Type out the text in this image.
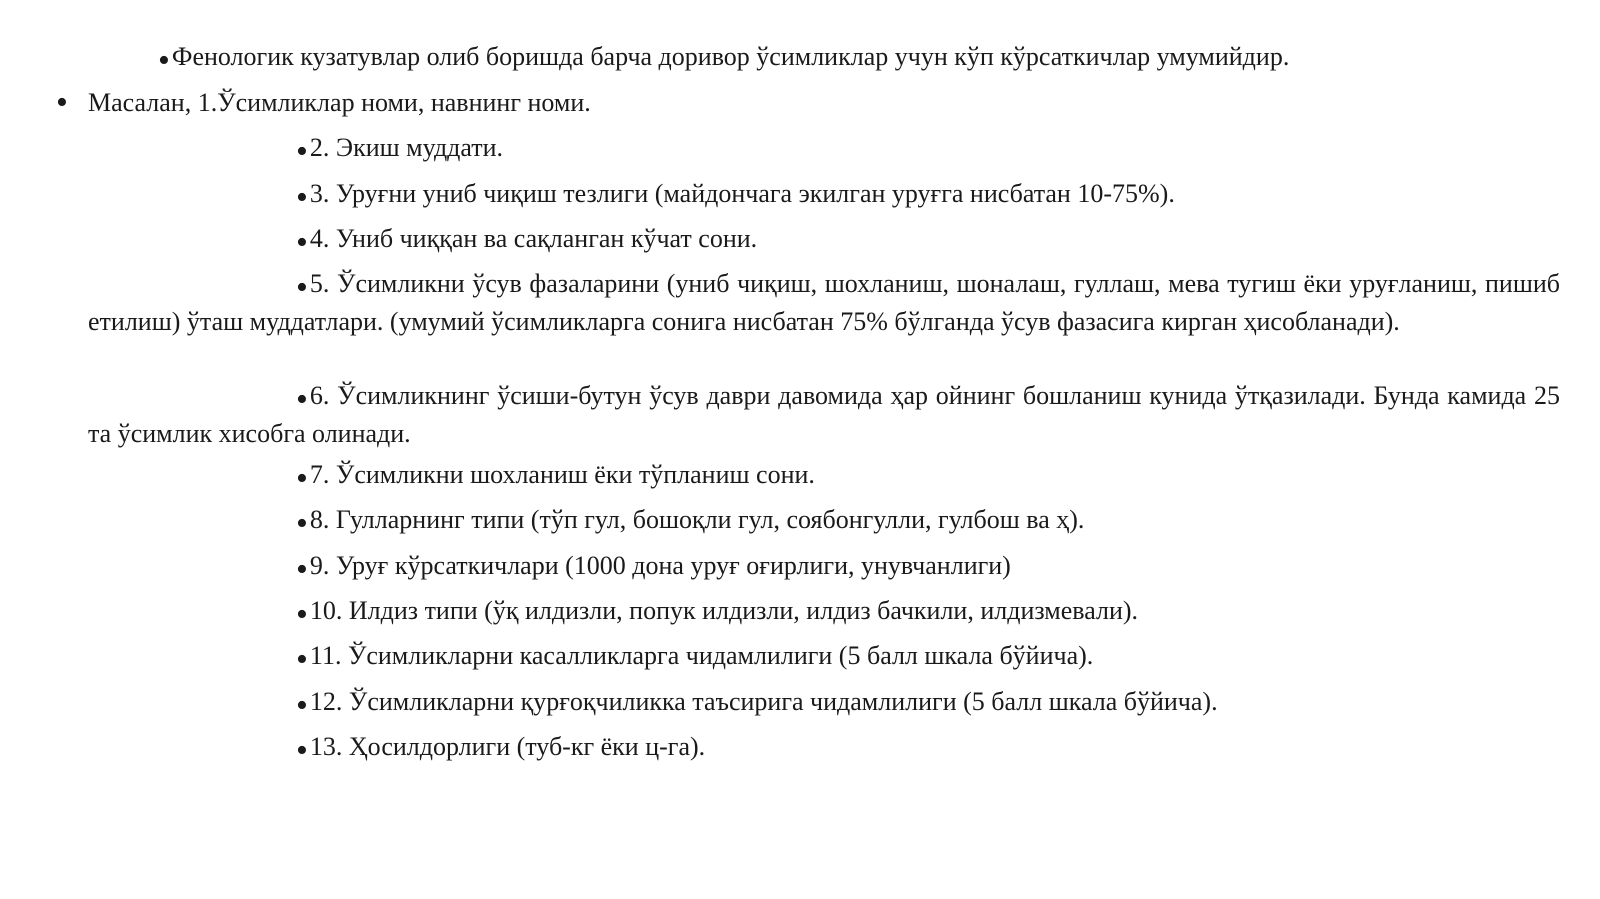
•Фенологик кузатувлар олиб боришда барча доривор ўсимликлар учун кўп кўрсаткичлар умумийдир.

• Масалан, 1.Ўсимликлар номи, навнинг номи.

•2. Экиш муддати.

•3. Уруғни униб чиқиш тезлиги (майдончага экилган уруғга нисбатан 10-75%).

•4. Униб чиққан ва сақланган кўчат сони.

•5. Ўсимликни ўсув фазаларини (униб чиқиш, шохланиш, шоналаш, гуллаш, мева тугиш ёки уруғланиш, пишиб етилиш) ўташ муддатлари. (умумий ўсимликларга сонига нисбатан 75% бўлганда ўсув фазасига кирган ҳисобланади).

•6. Ўсимликнинг ўсиши-бутун ўсув даври давомида ҳар ойнинг бошланиш кунида ўтқазилади. Бунда камида 25 та ўсимлик хисобга олинади.

•7. Ўсимликни шохланиш ёки тўпланиш сони.

•8. Гулларнинг типи (тўп гул, бошоқли гул, соябонгулли, гулбош ва ҳ).

•9. Уруғ кўрсаткичлари (1000 дона уруғ оғирлиги, унувчанлиги)

•10. Илдиз типи (ўқ илдизли, попук илдизли, илдиз бачкили, илдизмевали).

•11. Ўсимликларни касалликларга чидамлилиги (5 балл шкала бўйича).

•12. Ўсимликларни қурғоқчиликка таъсирига чидамлилиги (5 балл шкала бўйича).

•13. Ҳосилдорлиги (туб-кг ёки ц-га).
